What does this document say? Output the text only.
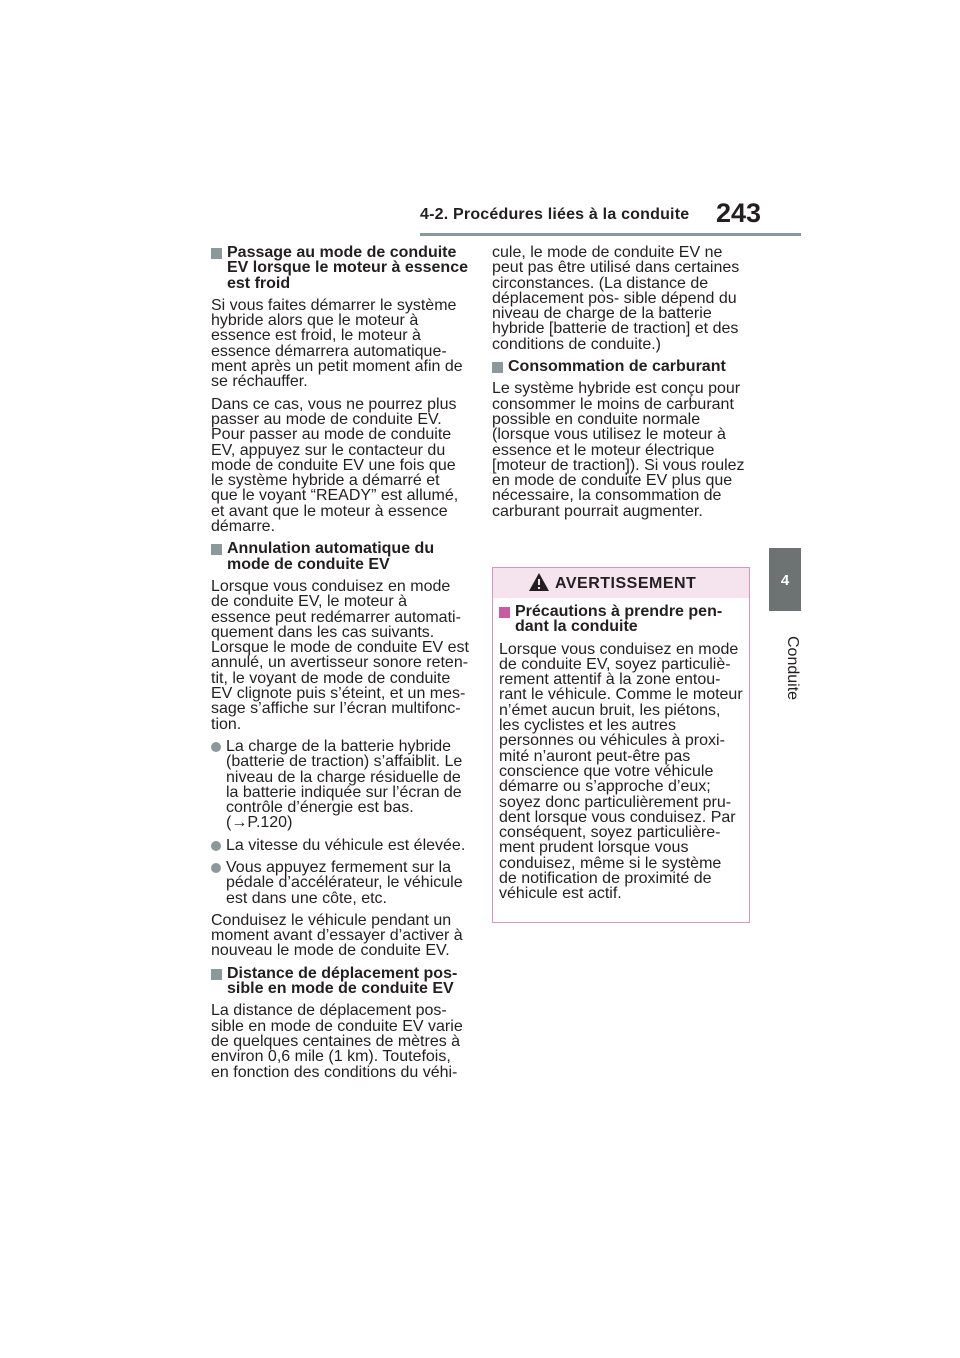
4-2. Procédures liées à la conduite 243
4
Conduite
Passage au mode de conduite EV lorsque le moteur à essence est froid

Si vous faites démarrer le système hybride alors que le moteur à essence est froid, le moteur à essence démarrera automatique- ment après un petit moment afin de se réchauffer.

Dans ce cas, vous ne pourrez plus passer au mode de conduite EV. Pour passer au mode de conduite EV, appuyez sur le contacteur du mode de conduite EV une fois que le système hybride a démarré et que le voyant “READY” est allumé, et avant que le moteur à essence démarre.

Annulation automatique du mode de conduite EV

Lorsque vous conduisez en mode de conduite EV, le moteur à essence peut redémarrer automati- quement dans les cas suivants. Lorsque le mode de conduite EV est annulé, un avertisseur sonore reten- tit, le voyant de mode de conduite EV clignote puis s’éteint, et un mes- sage s’affiche sur l’écran multifonc- tion.

La charge de la batterie hybride (batterie de traction) s’affaiblit. Le niveau de la charge résiduelle de la batterie indiquée sur l’écran de contrôle d’énergie est bas. (→P.120)
La vitesse du véhicule est élevée.
Vous appuyez fermement sur la pédale d’accélérateur, le véhicule est dans une côte, etc.

Conduisez le véhicule pendant un moment avant d’essayer d’activer à nouveau le mode de conduite EV.

Distance de déplacement pos- sible en mode de conduite EV

La distance de déplacement pos- sible en mode de conduite EV varie de quelques centaines de mètres à environ 0,6 mile (1 km). Toutefois, en fonction des conditions du véhi-

cule, le mode de conduite EV ne peut pas être utilisé dans certaines circonstances. (La distance de déplacement pos- sible dépend du niveau de charge de la batterie hybride [batterie de traction] et des conditions de conduite.)

Consommation de carburant

Le système hybride est conçu pour consommer le moins de carburant possible en conduite normale (lorsque vous utilisez le moteur à essence et le moteur électrique [moteur de traction]). Si vous roulez en mode de conduite EV plus que nécessaire, la consommation de carburant pourrait augmenter.

AVERTISSEMENT
Précautions à prendre pen- dant la conduite

Lorsque vous conduisez en mode de conduite EV, soyez particuliè- rement attentif à la zone entou- rant le véhicule. Comme le moteur n’émet aucun bruit, les piétons, les cyclistes et les autres personnes ou véhicules à proxi- mité n’auront peut-être pas conscience que votre véhicule démarre ou s’approche d’eux; soyez donc particulièrement pru- dent lorsque vous conduisez. Par conséquent, soyez particulière- ment prudent lorsque vous conduisez, même si le système de notification de proximité de véhicule est actif.
